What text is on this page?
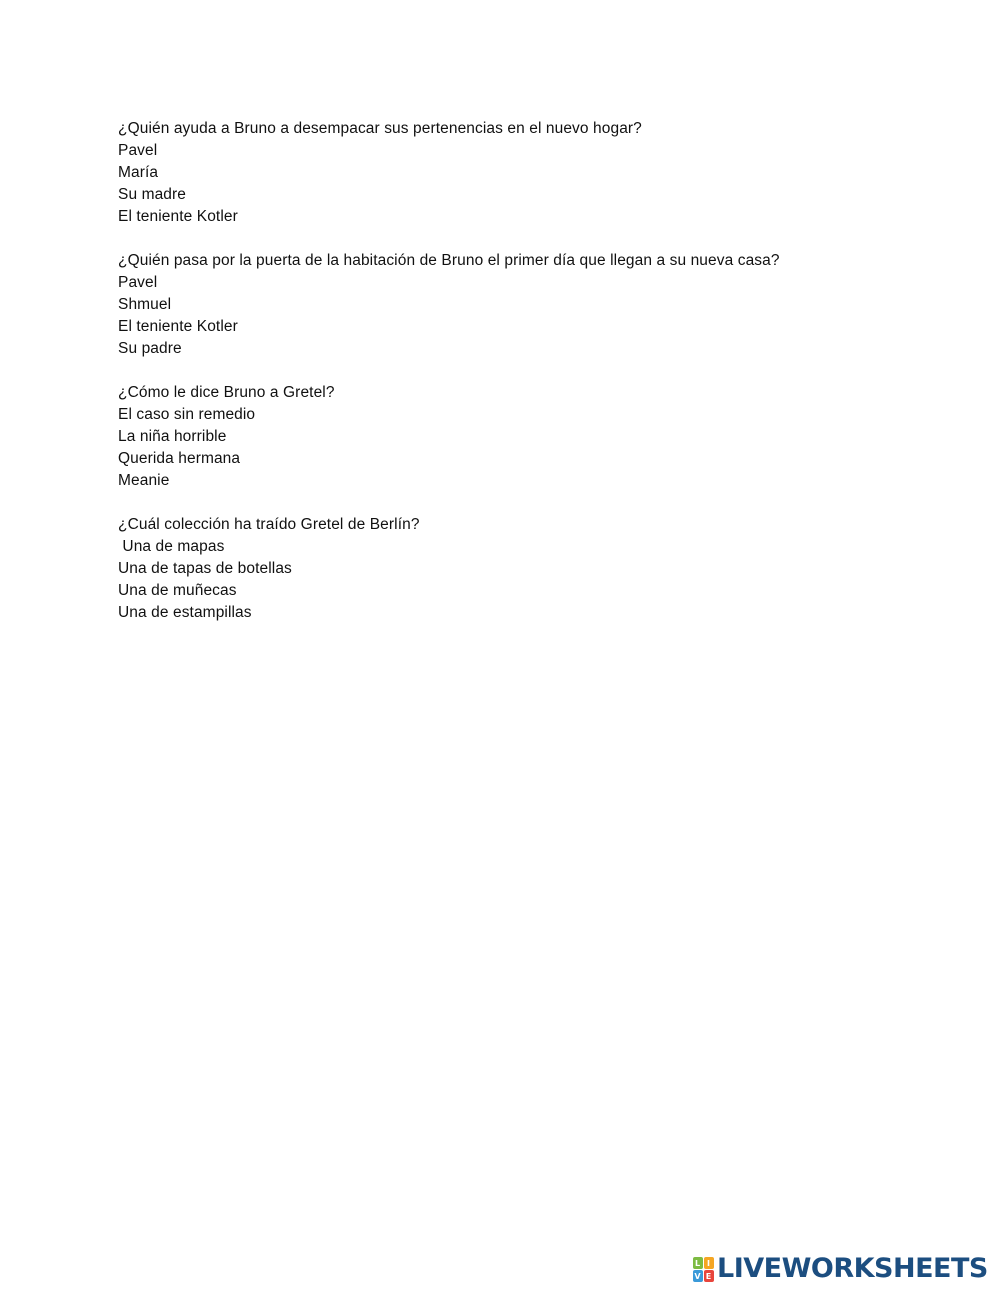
¿Quién ayuda a Bruno a desempacar sus pertenencias en el nuevo hogar?
Pavel
María
Su madre
El teniente Kotler
¿Quién pasa por la puerta de la habitación de Bruno el primer día que llegan a su nueva casa?
Pavel
Shmuel
El teniente Kotler
Su padre
¿Cómo le dice Bruno a Gretel?
El caso sin remedio
La niña horrible
Querida hermana
Meanie
¿Cuál colección ha traído Gretel de Berlín?
Una de mapas
Una de tapas de botellas
Una de muñecas
Una de estampillas
L I
V E LIVEWORKSHEETS
